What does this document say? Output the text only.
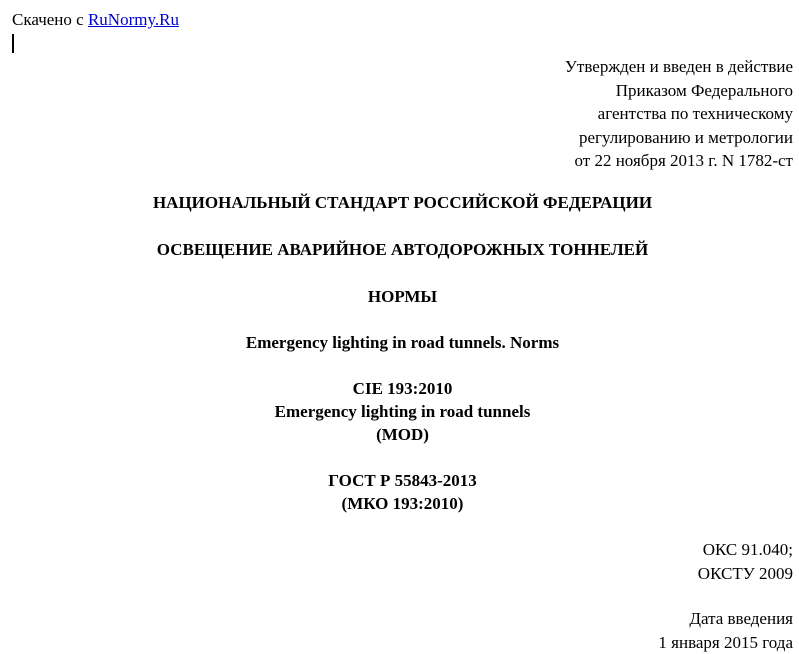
Скачено с RuNormy.Ru
Утвержден и введен в действие
Приказом Федерального
агентства по техническому
регулированию и метрологии
от 22 ноября 2013 г. N 1782-ст
НАЦИОНАЛЬНЫЙ СТАНДАРТ РОССИЙСКОЙ ФЕДЕРАЦИИ
ОСВЕЩЕНИЕ АВАРИЙНОЕ АВТОДОРОЖНЫХ ТОННЕЛЕЙ
НОРМЫ
Emergency lighting in road tunnels. Norms
CIE 193:2010
Emergency lighting in road tunnels
(MOD)
ГОСТ Р 55843-2013
(МКО 193:2010)
ОКС 91.040;
ОКСТУ 2009
Дата введения
1 января 2015 года
